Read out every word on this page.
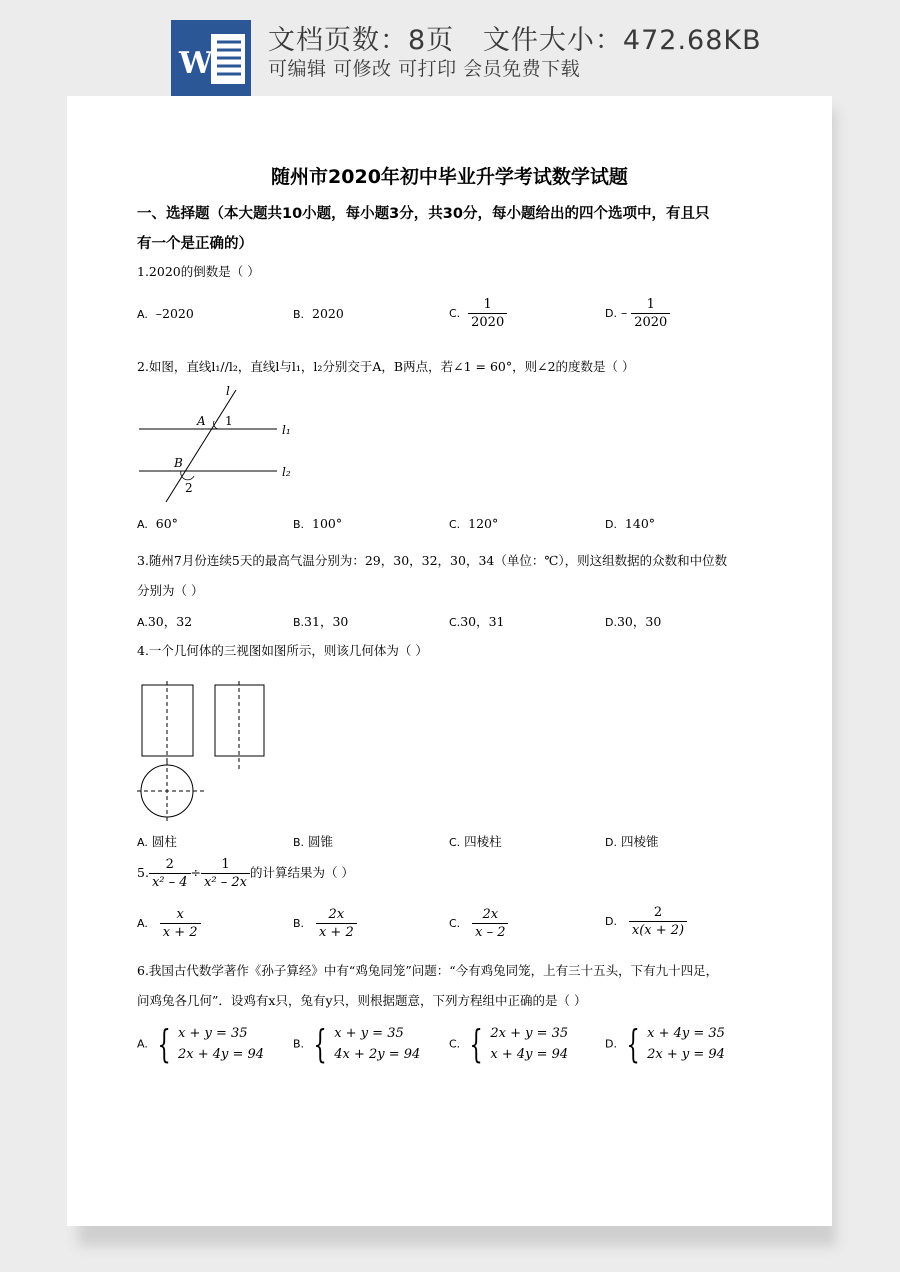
W
文档页数：8页   文件大小：472.68KB
可编辑 可修改 可打印 会员免费下载
随州市2020年初中毕业升学考试数学试题
一、选择题（本大题共10小题，每小题3分，共30分，每小题给出的四个选项中，有且只
有一个是正确的）
1.2020的倒数是（ ）
A. –2020	B. 2020	C. $\frac{1}{2020}$	D. – $\frac{1}{2020}$
2.如图，直线l₁//l₂，直线l与l₁，l₂分别交于A，B两点，若∠1 = 60°，则∠2的度数是（ ）
l
A 1
l₁
B
l₂
2
A. 60°	B. 100°	C. 120°	D. 140°
3.随州7月份连续5天的最高气温分别为：29，30，32，30，34（单位：℃），则这组数据的众数和中位数
分别为（ ）
A.30，32	B.31，30	C.30，31	D.30，30
4.一个几何体的三视图如图所示，则该几何体为（ ）
A. 圆柱	B. 圆锥	C. 四棱柱	D. 四棱锥
5. $\frac{2}{\text{x² – 4}} \div \frac{1}{\text{x² – 2x}}$ 的计算结果为（ ）
A. $\frac{x}{x + 2}$	B. $\frac{2x}{x + 2}$	C. $\frac{2x}{x - 2}$	D. $\frac{2}{x(x + 2)}$
6.我国古代数学著作《孙子算经》中有“鸡兔同笼”问题：“今有鸡兔同笼，上有三十五头，下有九十四足，
问鸡兔各几何”．设鸡有x只，兔有y只，则根据题意，下列方程组中正确的是（ ）
A. { x + y = 35
2x + 4y = 94
B. { x + y = 35
4x + 2y = 94
C. { 2x + y = 35
x + 4y = 94
D. { x + 4y = 35
2x + y = 94
